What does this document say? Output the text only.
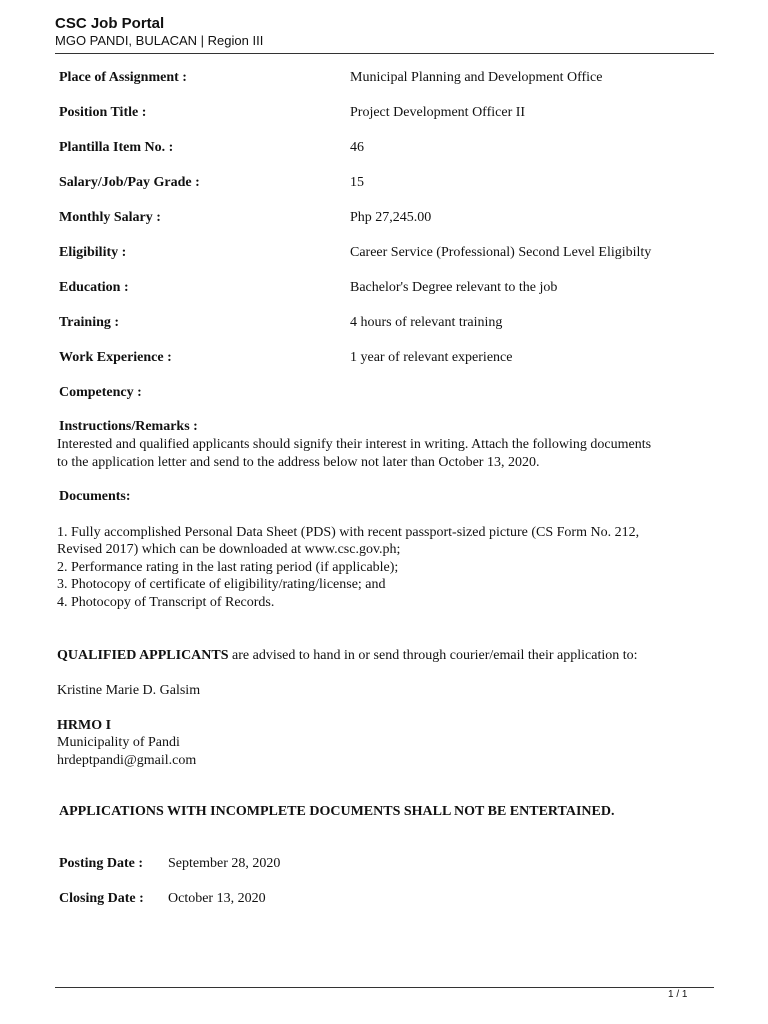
CSC Job Portal
MGO PANDI, BULACAN | Region III
Place of Assignment :	Municipal Planning and Development Office
Position Title :	Project Development Officer II
Plantilla Item No. :	46
Salary/Job/Pay Grade :	15
Monthly Salary :	Php 27,245.00
Eligibility :	Career Service (Professional) Second Level Eligibilty
Education :	Bachelor's Degree relevant to the job
Training :	4 hours of relevant training
Work Experience :	1 year of relevant experience
Competency :
Instructions/Remarks :
Interested and qualified applicants should signify their interest in writing. Attach the following documents
to the application letter and send to the address below not later than October 13, 2020.
Documents:
1. Fully accomplished Personal Data Sheet (PDS) with recent passport-sized picture (CS Form No. 212,
Revised 2017) which can be downloaded at www.csc.gov.ph;
2. Performance rating in the last rating period (if applicable);
3. Photocopy of certificate of eligibility/rating/license; and
4. Photocopy of Transcript of Records.
QUALIFIED APPLICANTS are advised to hand in or send through courier/email their application to:
Kristine Marie D. Galsim
HRMO I
Municipality of Pandi
hrdeptpandi@gmail.com
APPLICATIONS WITH INCOMPLETE DOCUMENTS SHALL NOT BE ENTERTAINED.
Posting Date : September 28, 2020
Closing Date : October 13, 2020
1 / 1
